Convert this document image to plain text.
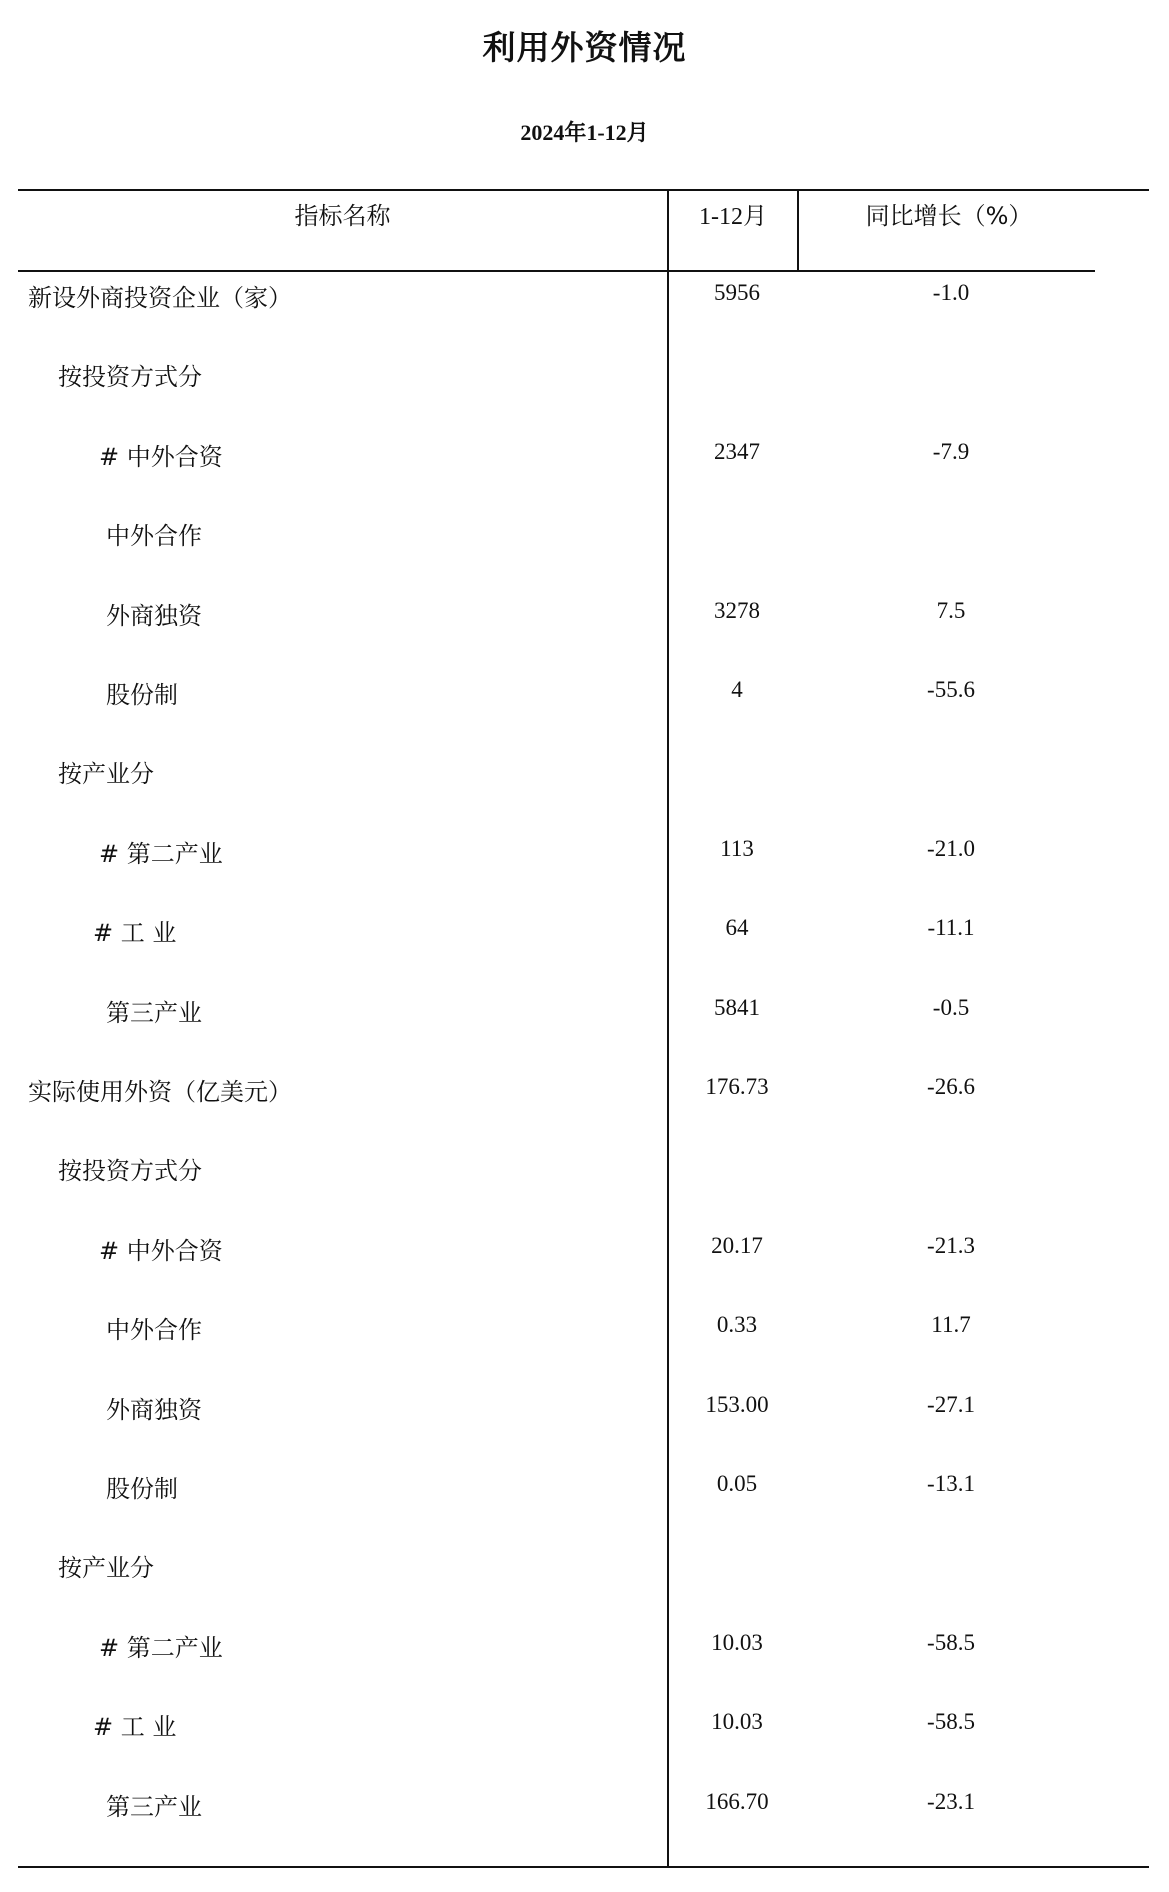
利用外资情况
2024年1-12月
指标名称	1-12月	同比增长（%）
新设外商投资企业（家）	5956	-1.0
按投资方式分
# 中外合资	2347	-7.9
中外合作
外商独资	3278	7.5
股份制	4	-55.6
按产业分
# 第二产业	113	-21.0
# 工 业	64	-11.1
第三产业	5841	-0.5
实际使用外资（亿美元）	176.73	-26.6
按投资方式分
# 中外合资	20.17	-21.3
中外合作	0.33	11.7
外商独资	153.00	-27.1
股份制	0.05	-13.1
按产业分
# 第二产业	10.03	-58.5
# 工 业	10.03	-58.5
第三产业	166.70	-23.1
